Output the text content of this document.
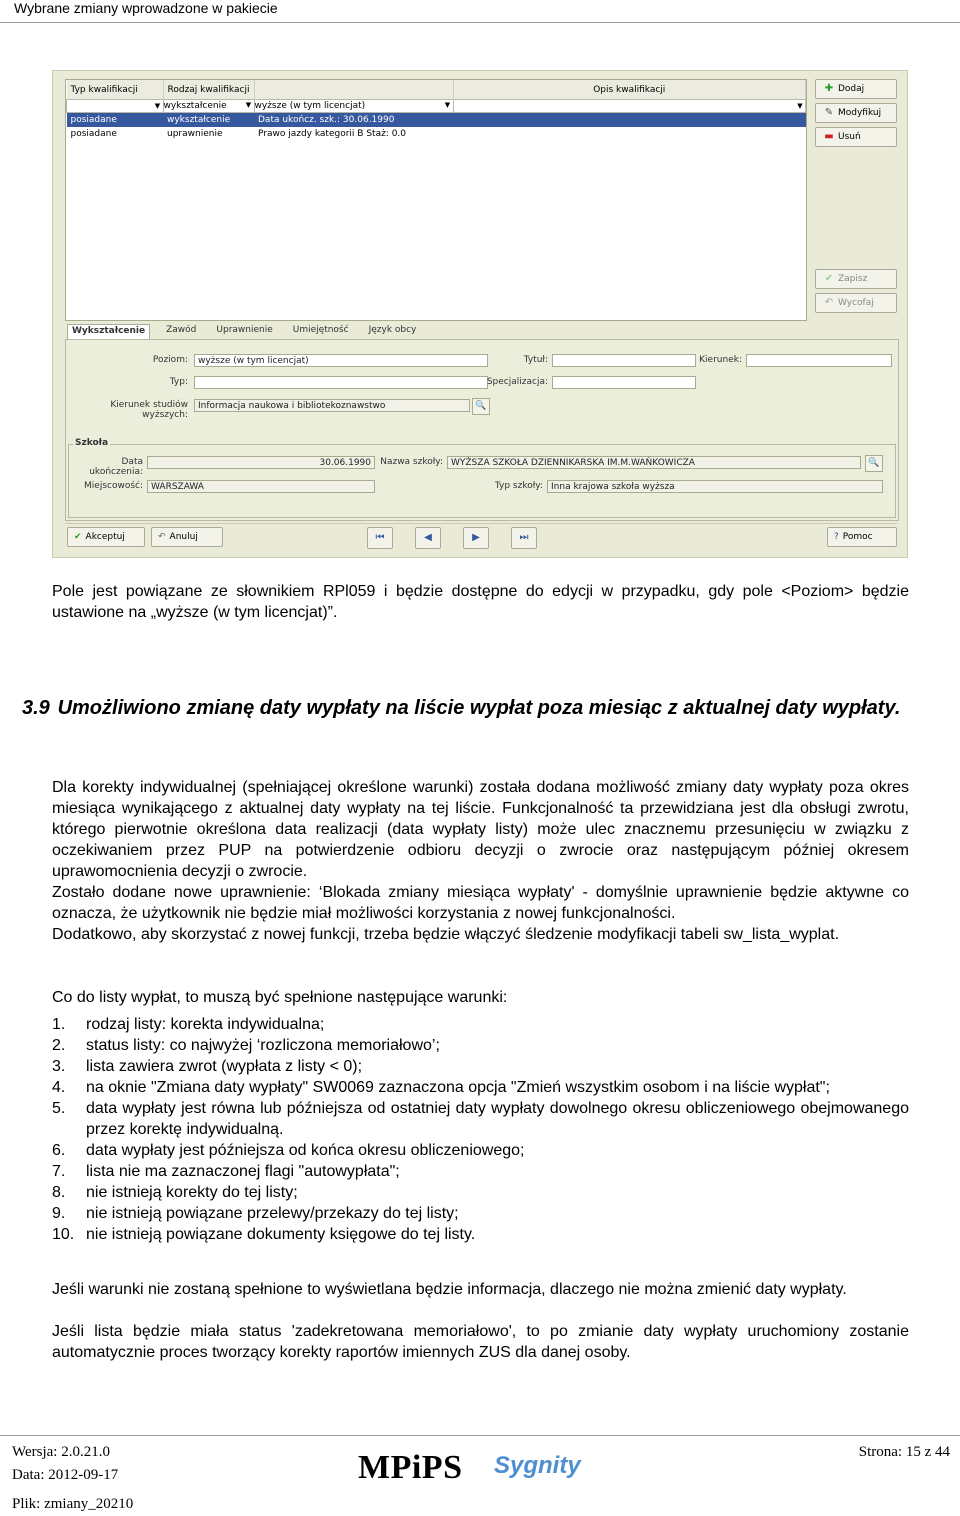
Wybrane zmiany wprowadzone w pakiecie
Typ kwalifikacji	Rodzaj kwalifikacji		Opis kwalifikacji

▼	wykształcenie ▼	wyższe (w tym licencjat) ▼	▼

posiadane	wykształcenie	Data ukończ. szk.: 30.06.1990	
posiadane	uprawnienie	Prawo jazdy kategorii B Staż: 0.0	
✚ Dodaj
✎ Modyfikuj
▬ Usuń
✔ Zapisz
↶ Wycofaj
Wykształcenie	Zawód	Uprawnienie	Umiejętność	Język obcy
Poziom:	wyższe (w tym licencjat)
Typ:
Kierunek studiów wyższych:
Informacja naukowa i bibliotekoznawstwo	🔍
Tytuł:
Specjalizacja:
Kierunek:
Szkoła
Data ukończenia:
30.06.1990
Miejscowość: WARSZAWA
Nazwa szkoły: WYŻSZA SZKOŁA DZIENNIKARSKA IM.M.WAŃKOWICZA	🔍
Typ szkoły: Inna krajowa szkoła wyższa
✔ Akceptuj	↶ Anuluj	⏮	◀	▶	⏭	? Pomoc
Pole jest powiązane ze słownikiem RPl059 i będzie dostępne do edycji w przypadku, gdy pole <Poziom> będzie ustawione na „wyższe (w tym licencjat)”.
3.9 Umożliwiono zmianę daty wypłaty na liście wypłat poza miesiąc z aktualnej daty wypłaty.
Dla korekty indywidualnej (spełniającej określone warunki) została dodana możliwość zmiany daty wypłaty poza okres miesiąca wynikającego z aktualnej daty wypłaty na tej liście. Funkcjonalność ta przewidziana jest dla obsługi zwrotu, którego pierwotnie określona data realizacji (data wypłaty listy) może ulec znacznemu przesunięciu w związku z oczekiwaniem przez PUP na potwierdzenie odbioru decyzji o zwrocie oraz następującym później okresem uprawomocnienia decyzji o zwrocie.
Zostało dodane nowe uprawnienie: ‘Blokada zmiany miesiąca wypłaty' - domyślnie uprawnienie będzie aktywne co oznacza, że użytkownik nie będzie miał możliwości korzystania z nowej funkcjonalności.
Dodatkowo, aby skorzystać z nowej funkcji, trzeba będzie włączyć śledzenie modyfikacji tabeli sw_lista_wyplat.
Co do listy wypłat, to muszą być spełnione następujące warunki:
1.	rodzaj listy: korekta indywidualna;
2.	status listy: co najwyżej ‘rozliczona memoriałowo’;
3.	lista zawiera zwrot (wypłata z listy < 0);
4.	na oknie "Zmiana daty wypłaty" SW0069 zaznaczona opcja "Zmień wszystkim osobom i na liście wypłat";
5.	data wypłaty jest równa lub późniejsza od ostatniej daty wypłaty dowolnego okresu obliczeniowego obejmowanego przez korektę indywidualną.
6.	data wypłaty jest późniejsza od końca okresu obliczeniowego;
7.	lista nie ma zaznaczonej flagi "autowypłata";
8.	nie istnieją korekty do tej listy;
9.	nie istnieją powiązane przelewy/przekazy do tej listy;
10. nie istnieją powiązane dokumenty księgowe do tej listy.
Jeśli warunki nie zostaną spełnione to wyświetlana będzie informacja, dlaczego nie można zmienić daty wypłaty.
Jeśli lista będzie miała status 'zadekretowana memoriałowo', to po zmianie daty wypłaty uruchomiony zostanie automatycznie proces tworzący korekty raportów imiennych ZUS dla danej osoby.
Wersja: 2.0.21.0
Data: 2012-09-17
Plik: zmiany_20210
MPiPS Sygnity	Strona: 15 z 44
